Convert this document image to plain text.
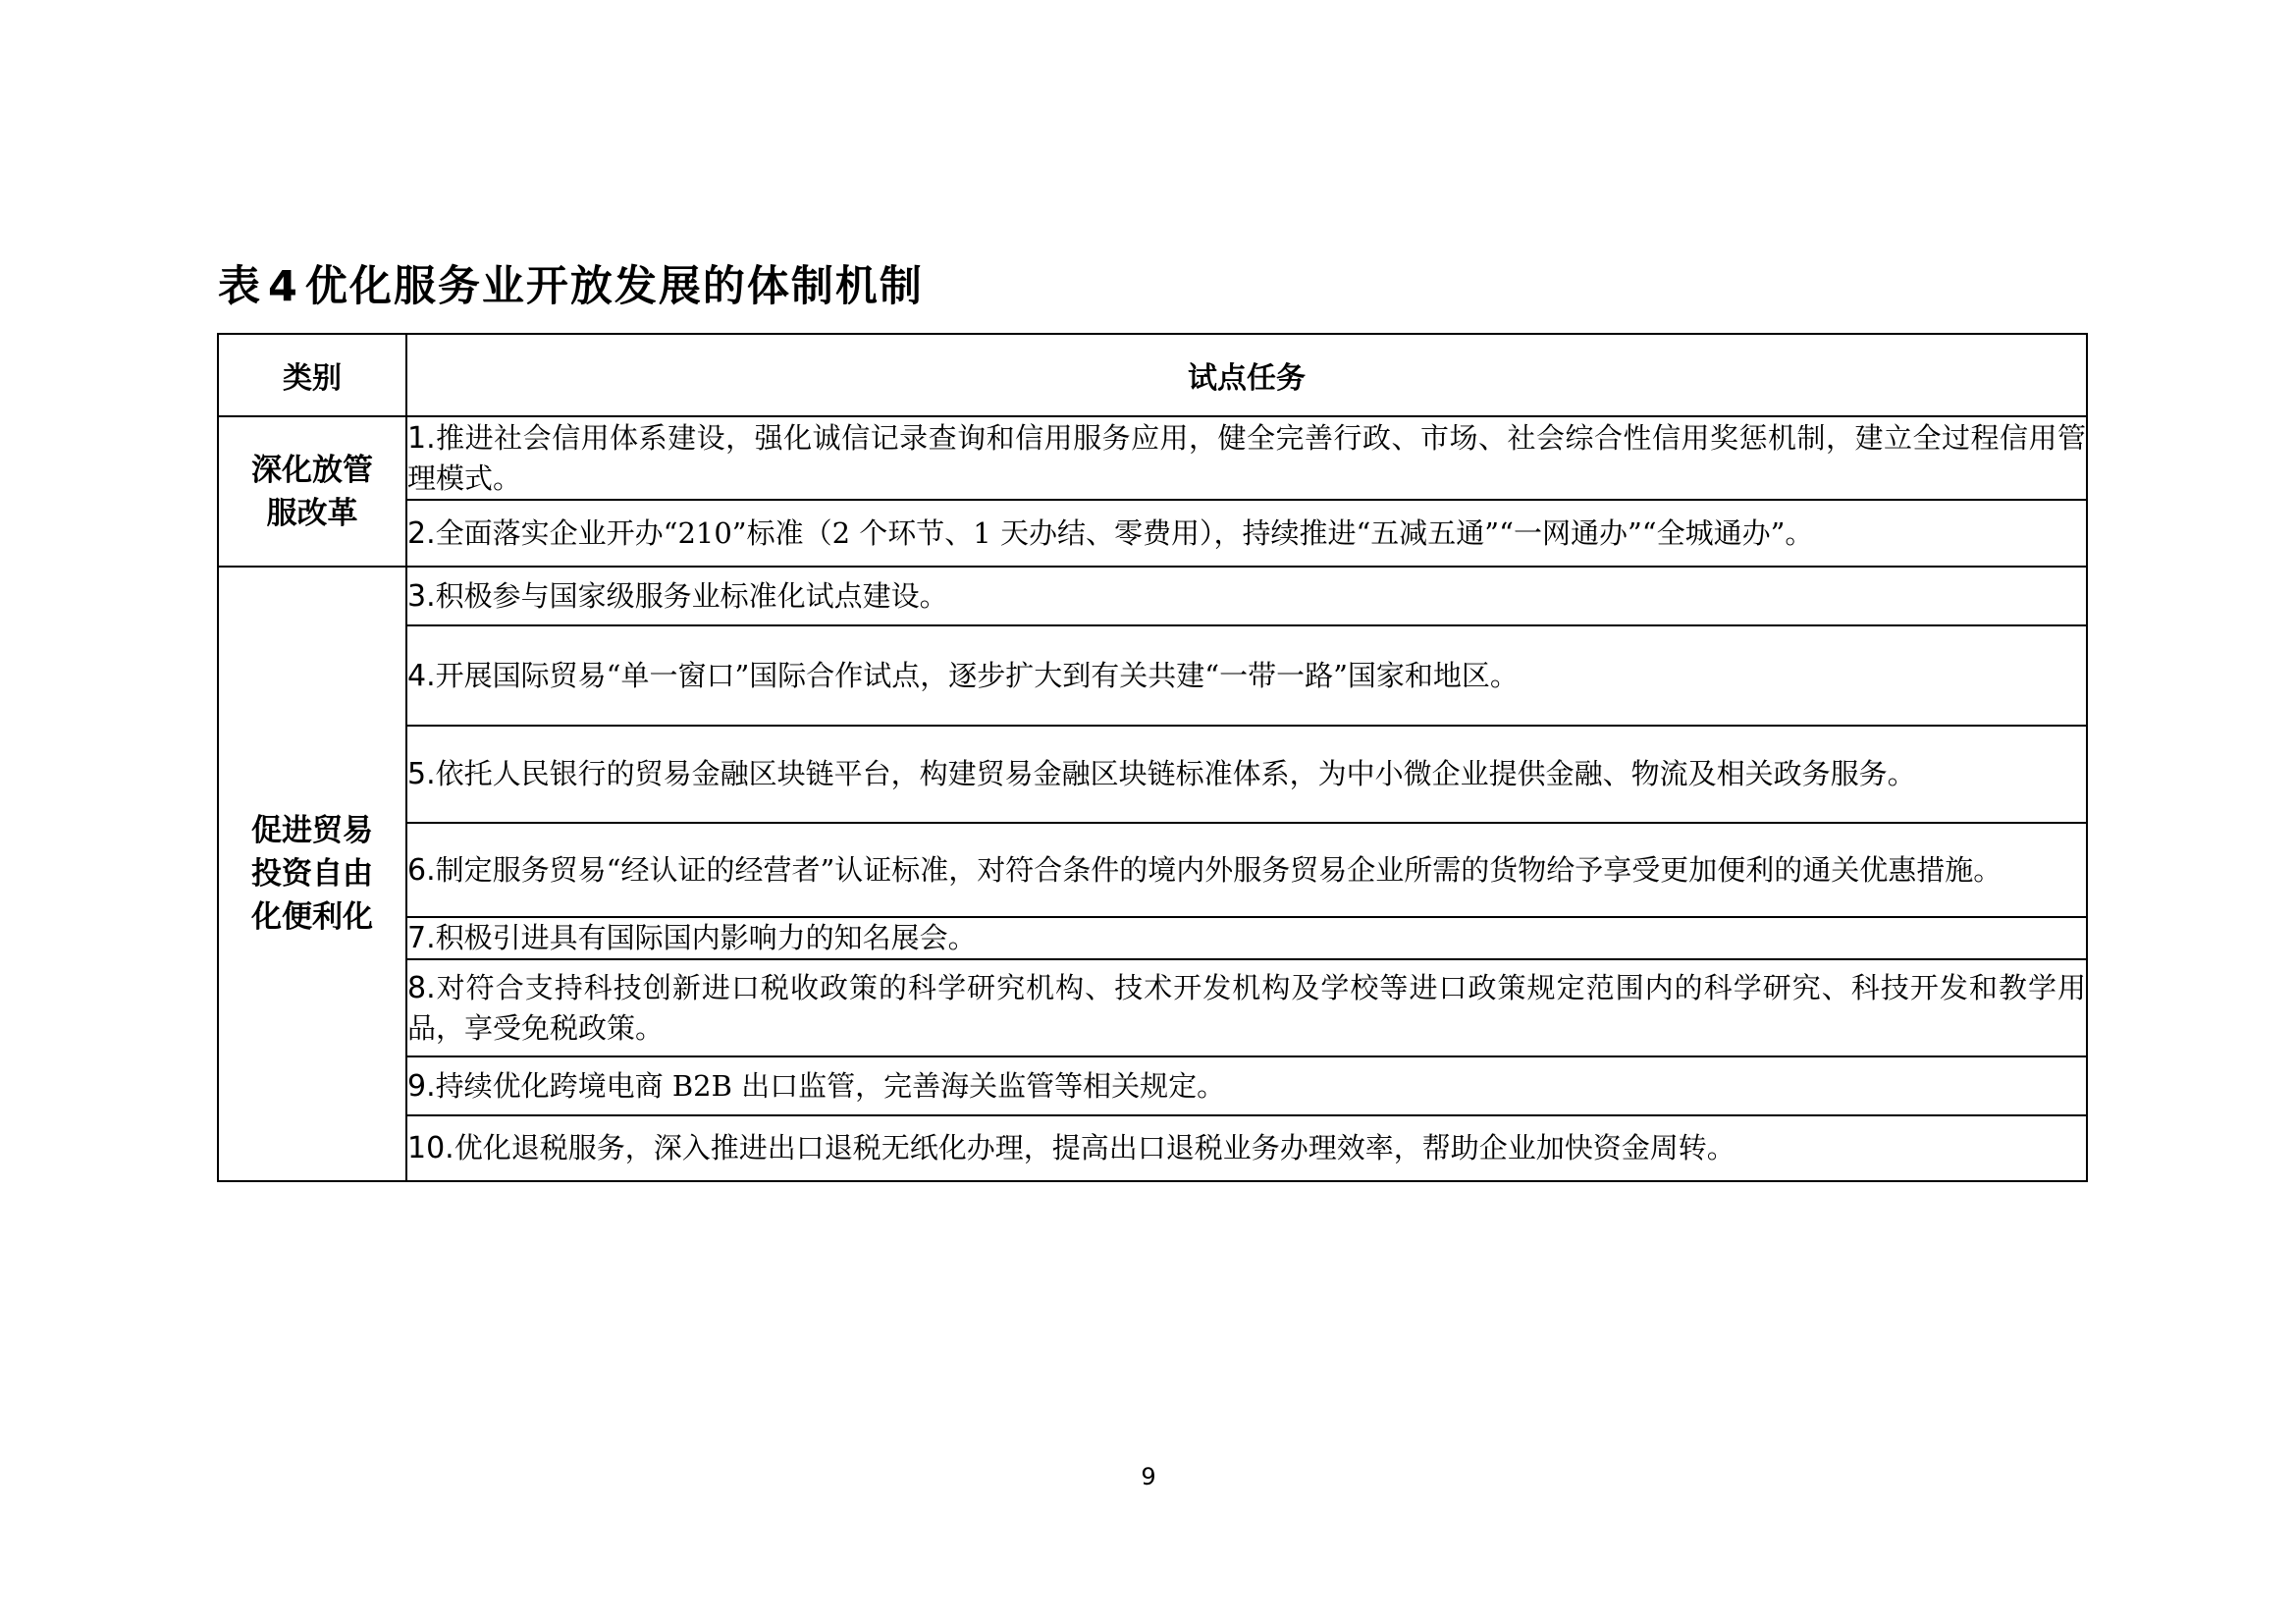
表 4 优化服务业开放发展的体制机制
类别	试点任务

深化放管
服改革	1.推进社会信用体系建设，强化诚信记录查询和信用服务应用，健全完善行政、市场、社会综合性信用奖惩机制，建立全过程信用管理模式。
	2.全面落实企业开办“210”标准（2 个环节、1 天办结、零费用），持续推进“五减五通”“一网通办”“全城通办”。

促进贸易
投资自由
化便利化	3.积极参与国家级服务业标准化试点建设。
	4.开展国际贸易“单一窗口”国际合作试点，逐步扩大到有关共建“一带一路”国家和地区。
	5.依托人民银行的贸易金融区块链平台，构建贸易金融区块链标准体系，为中小微企业提供金融、物流及相关政务服务。
	6.制定服务贸易“经认证的经营者”认证标准，对符合条件的境内外服务贸易企业所需的货物给予享受更加便利的通关优惠措施。
	7.积极引进具有国际国内影响力的知名展会。
	8.对符合支持科技创新进口税收政策的科学研究机构、技术开发机构及学校等进口政策规定范围内的科学研究、科技开发和教学用品，享受免税政策。
	9.持续优化跨境电商 B2B 出口监管，完善海关监管等相关规定。
	10.优化退税服务，深入推进出口退税无纸化办理，提高出口退税业务办理效率，帮助企业加快资金周转。
9
